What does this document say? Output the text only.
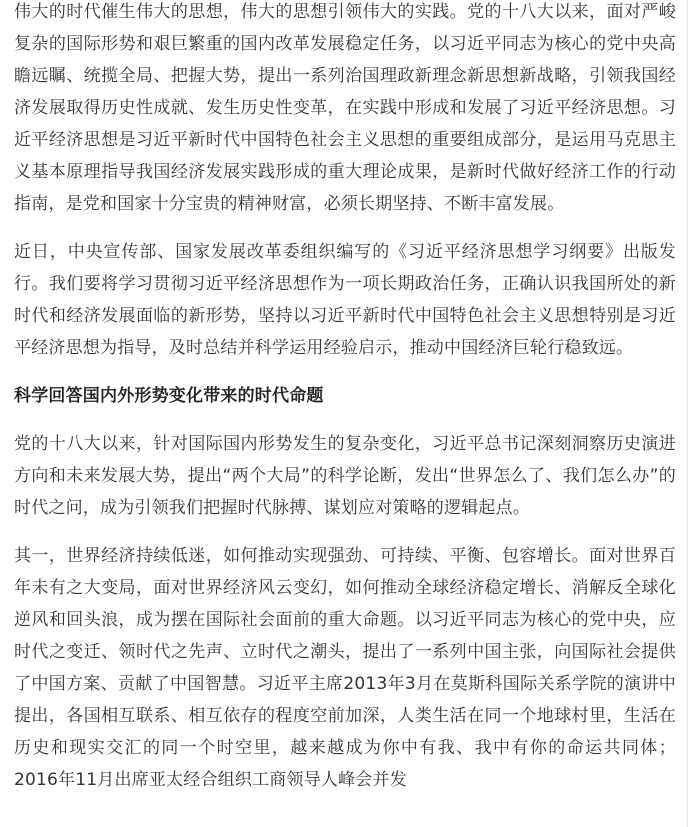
伟大的时代催生伟大的思想，伟大的思想引领伟大的实践。党的十八大以来，面对严峻复杂的国际形势和艰巨繁重的国内改革发展稳定任务，以习近平同志为核心的党中央高瞻远瞩、统揽全局、把握大势，提出一系列治国理政新理念新思想新战略，引领我国经济发展取得历史性成就、发生历史性变革，在实践中形成和发展了习近平经济思想。习近平经济思想是习近平新时代中国特色社会主义思想的重要组成部分，是运用马克思主义基本原理指导我国经济发展实践形成的重大理论成果，是新时代做好经济工作的行动指南，是党和国家十分宝贵的精神财富，必须长期坚持、不断丰富发展。

近日，中央宣传部、国家发展改革委组织编写的《习近平经济思想学习纲要》出版发行。我们要将学习贯彻习近平经济思想作为一项长期政治任务，正确认识我国所处的新时代和经济发展面临的新形势，坚持以习近平新时代中国特色社会主义思想特别是习近平经济思想为指导，及时总结并科学运用经验启示，推动中国经济巨轮行稳致远。

科学回答国内外形势变化带来的时代命题

党的十八大以来，针对国际国内形势发生的复杂变化，习近平总书记深刻洞察历史演进方向和未来发展大势，提出“两个大局”的科学论断，发出“世界怎么了、我们怎么办”的时代之问，成为引领我们把握时代脉搏、谋划应对策略的逻辑起点。

其一，世界经济持续低迷，如何推动实现强劲、可持续、平衡、包容增长。面对世界百年未有之大变局，面对世界经济风云变幻，如何推动全球经济稳定增长、消解反全球化逆风和回头浪，成为摆在国际社会面前的重大命题。以习近平同志为核心的党中央，应时代之变迁、领时代之先声、立时代之潮头，提出了一系列中国主张，向国际社会提供了中国方案、贡献了中国智慧。习近平主席2013年3月在莫斯科国际关系学院的演讲中提出，各国相互联系、相互依存的程度空前加深，人类生活在同一个地球村里，生活在历史和现实交汇的同一个时空里，越来越成为你中有我、我中有你的命运共同体；2016年11月出席亚太经合组织工商领导人峰会并发
